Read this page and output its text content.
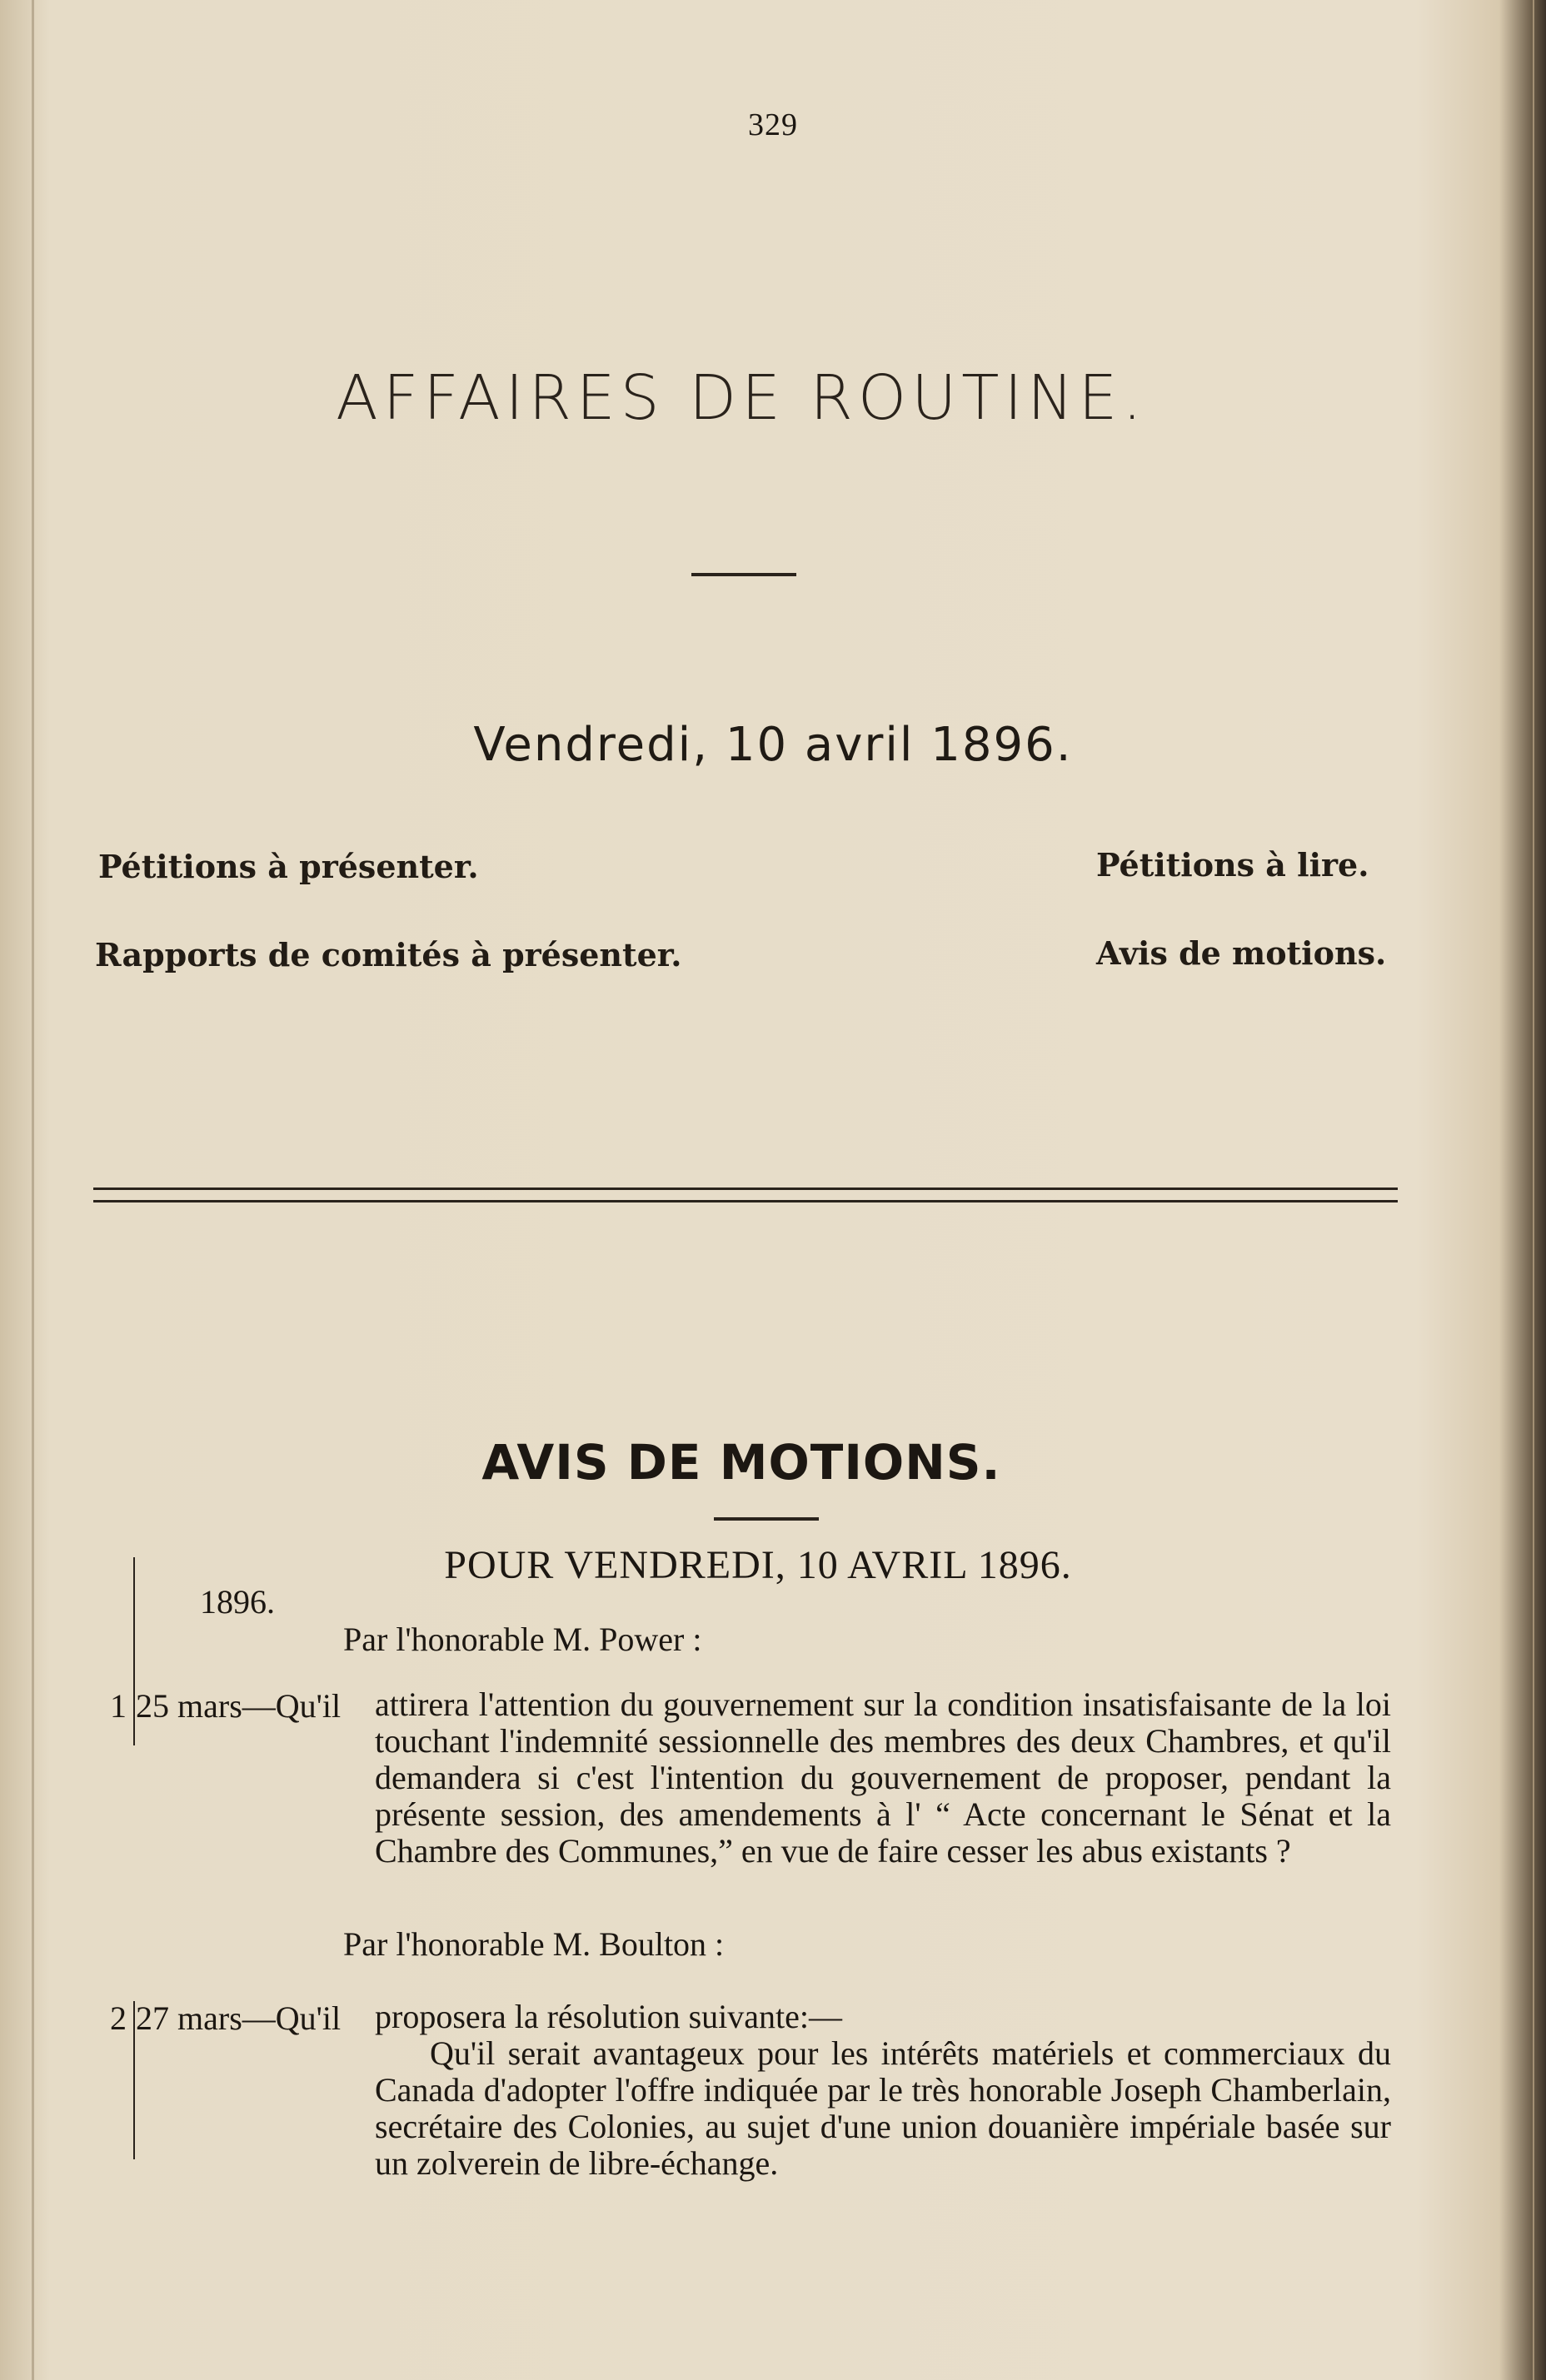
329
AFFAIRES DE ROUTINE.
Vendredi, 10 avril 1896.
Pétitions à présenter.
Rapports de comités à présenter.
Pétitions à lire.
Avis de motions.
AVIS DE MOTIONS.
POUR VENDREDI, 10 AVRIL 1896.
1896.
Par l'honorable M. Power :
1 25 mars—Qu'il attirera l'attention du gouvernement sur la condition insatisfaisante de la loi touchant l'indemnité sessionnelle des membres des deux Chambres, et qu'il demandera si c'est l'intention du gouvernement de proposer, pendant la présente session, des amendements à l' “ Acte concernant le Sénat et la Chambre des Communes,” en vue de faire cesser les abus existants ?
Par l'honorable M. Boulton :
2 27 mars—Qu'il proposera la résolution suivante:—
Qu'il serait avantageux pour les intérêts matériels et commerciaux du Canada d'adopter l'offre indiquée par le très honorable Joseph Chamberlain, secrétaire des Colonies, au sujet d'une union douanière impériale basée sur un zolverein de libre-échange.
